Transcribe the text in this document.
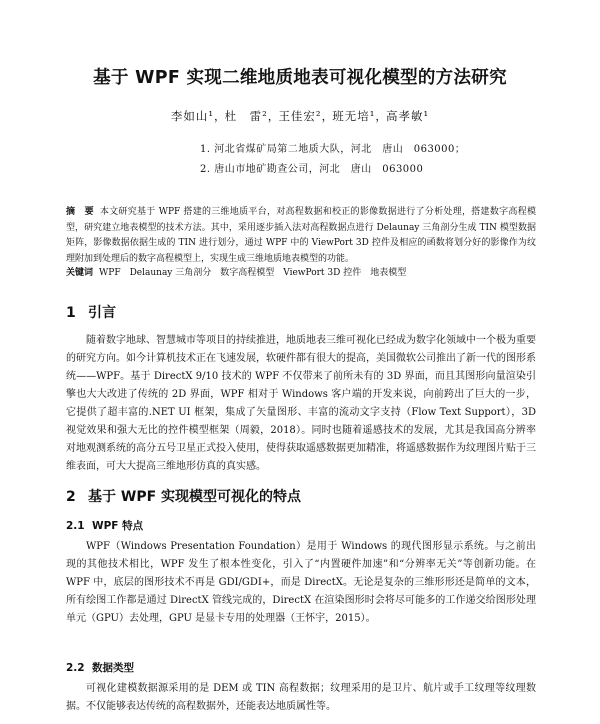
基于 WPF 实现二维地质地表可视化模型的方法研究

李如山¹， 杜　雷²， 王佳宏²， 班无培¹， 高孝敏¹

1. 河北省煤矿局第二地质大队，河北　唐山　063000；

2. 唐山市地矿勘查公司，河北　唐山　063000

摘　要 本文研究基于 WPF 搭建的三维地质平台，对高程数据和校正的影像数据进行了分析处理，搭建数字高程模型，研究建立地表模型的技术方法。其中，采用逐步插入法对高程数据点进行 Delaunay 三角剖分生成 TIN 模型数据矩阵，影像数据依据生成的 TIN 进行划分，通过 WPF 中的 ViewPort 3D 控件及相应的函数将划分好的影像作为纹理附加到处理后的数字高程模型上，实现生成三维地质地表模型的功能。

关键词 WPF　Delaunay 三角剖分　数字高程模型　ViewPort 3D 控件　地表模型

1 引言

随着数字地球、智慧城市等项目的持续推进，地质地表三维可视化已经成为数字化领域中一个极为重要的研究方向。如今计算机技术正在飞速发展，软硬件都有很大的提高，美国微软公司推出了新一代的图形系统——WPF。基于 DirectX 9/10 技术的 WPF 不仅带来了前所未有的 3D 界面，而且其图形向量渲染引擎也大大改进了传统的 2D 界面，WPF 相对于 Windows 客户端的开发来说，向前跨出了巨大的一步，它提供了超丰富的.NET UI 框架，集成了矢量图形、丰富的流动文字支持（Flow Text Support），3D 视觉效果和强大无比的控件模型框架（周毅，2018）。同时也随着遥感技术的发展，尤其是我国高分辨率对地观测系统的高分五号卫星正式投入使用，使得获取遥感数据更加精准，将遥感数据作为纹理图片贴于三维表面，可大大提高三维地形仿真的真实感。

2 基于 WPF 实现模型可视化的特点
2.1 WPF 特点

WPF（Windows Presentation Foundation）是用于 Windows 的现代图形显示系统。与之前出现的其他技术相比，WPF 发生了根本性变化，引入了“内置硬件加速”和“分辨率无关”等创新功能。在 WPF 中，底层的图形技术不再是 GDI/GDI+，而是 DirectX。无论是复杂的三维形形还是简单的文本，所有绘图工作都是通过 DirectX 管线完成的，DirectX 在渲染图形时会将尽可能多的工作递交给图形处理单元（GPU）去处理，GPU 是显卡专用的处理器（王怀宇，2015）。

2.2 数据类型

可视化建模数据源采用的是 DEM 或 TIN 高程数据；纹理采用的是卫片、航片或手工纹理等纹理数据。不仅能够表达传统的高程数据外，还能表达地质属性等。
